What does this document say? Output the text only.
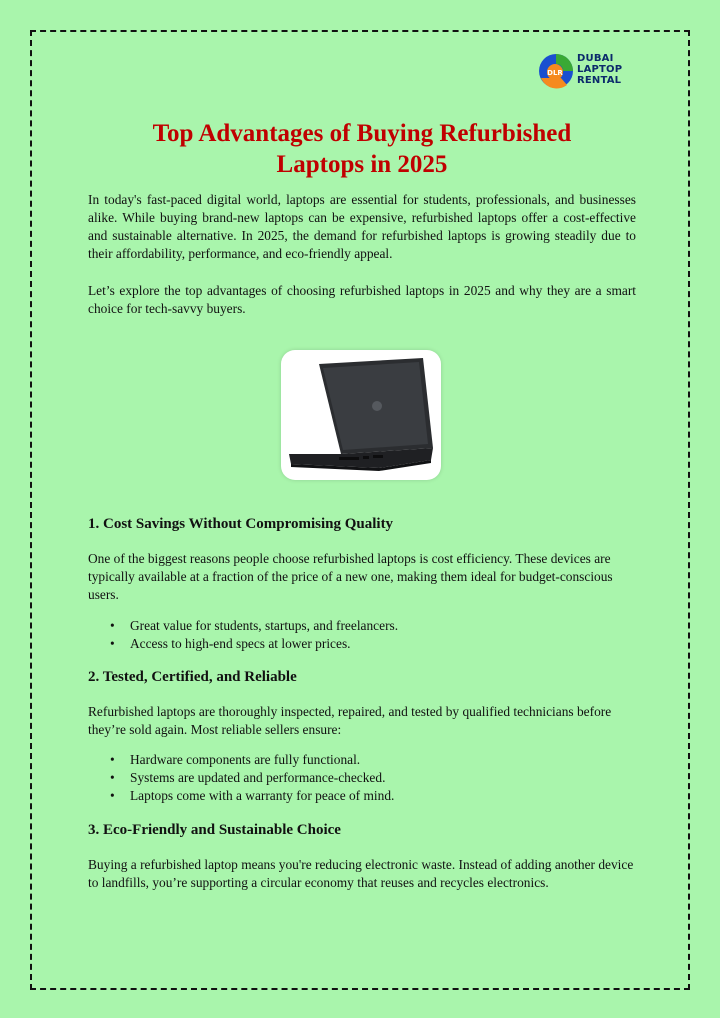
DLR
DUBAI
LAPTOP
RENTAL
Top Advantages of Buying Refurbished
Laptops in 2025

In today's fast-paced digital world, laptops are essential for students, professionals, and businesses alike. While buying brand-new laptops can be expensive, refurbished laptops offer a cost-effective and sustainable alternative. In 2025, the demand for refurbished laptops is growing steadily due to their affordability, performance, and eco-friendly appeal.

Let’s explore the top advantages of choosing refurbished laptops in 2025 and why they are a smart choice for tech-savvy buyers.

1. Cost Savings Without Compromising Quality

One of the biggest reasons people choose refurbished laptops is cost efficiency. These devices are typically available at a fraction of the price of a new one, making them ideal for budget-conscious users.

• Great value for students, startups, and freelancers.
• Access to high-end specs at lower prices.
2. Tested, Certified, and Reliable

Refurbished laptops are thoroughly inspected, repaired, and tested by qualified technicians before they’re sold again. Most reliable sellers ensure:

• Hardware components are fully functional.
• Systems are updated and performance-checked.
• Laptops come with a warranty for peace of mind.
3. Eco-Friendly and Sustainable Choice

Buying a refurbished laptop means you're reducing electronic waste. Instead of adding another device to landfills, you’re supporting a circular economy that reuses and recycles electronics.
